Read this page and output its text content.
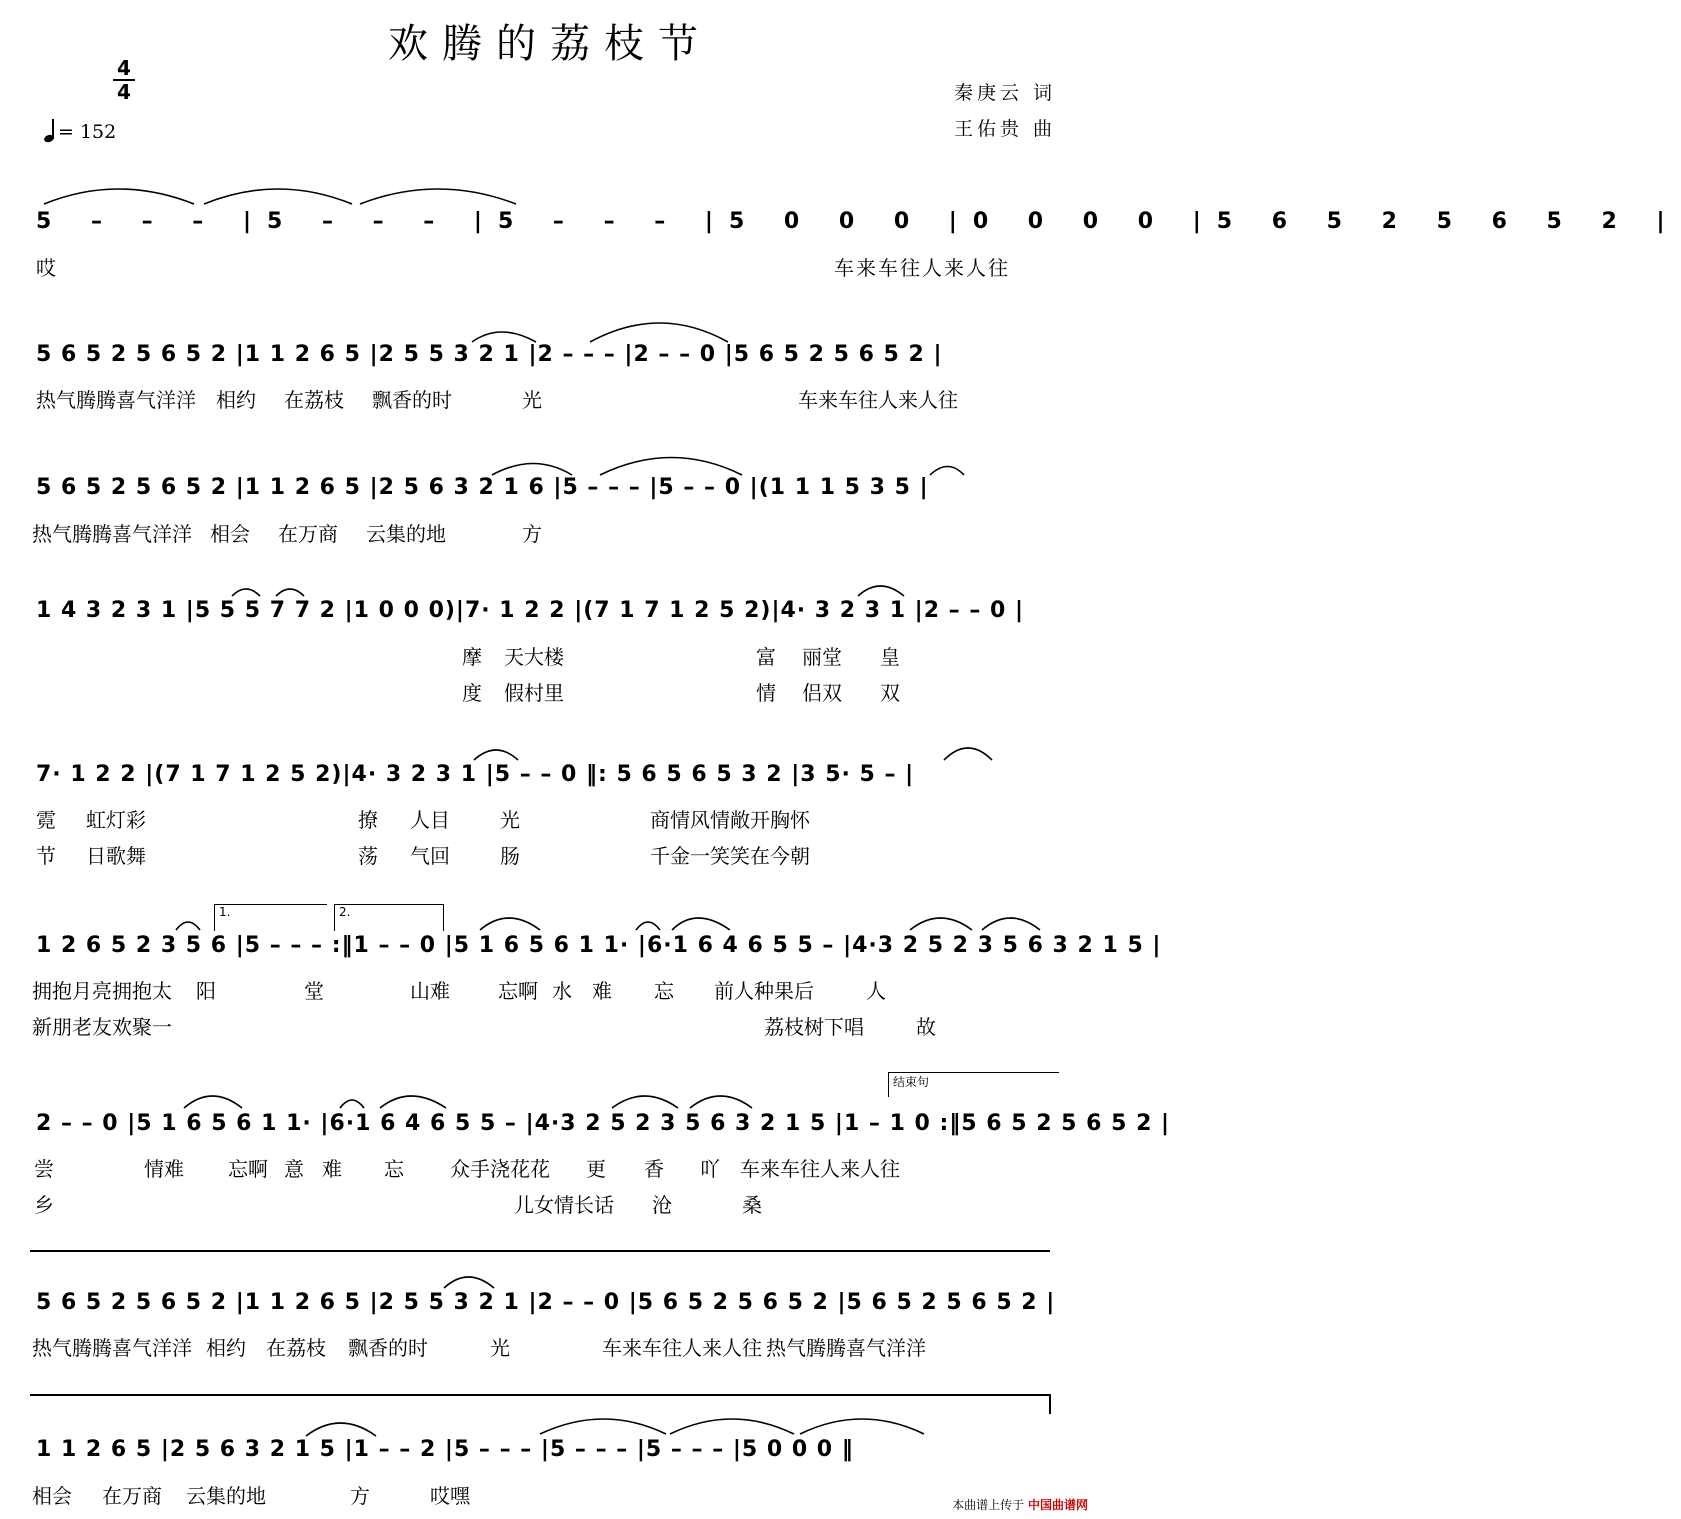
欢腾的荔枝节
4
4
= 152
秦庚云 词
王佑贵 曲
5 – – – |5 – – – |5 – – – |5 0 0 0 |0 0 0 0 |5 6 5 2 5 6 5 2 |
哎	车来车往人来人往
5 6 5 2 5 6 5 2 |1 1 2 6 5 |2 5 5 3 2 1 |2 – – – |2 – – 0 |5 6 5 2 5 6 5 2 |
热气腾腾喜气洋洋 相约 在荔枝 飘香的时	光	车来车往人来人往
5 6 5 2 5 6 5 2 |1 1 2 6 5 |2 5 6 3 2 1 6 |5 – – – |5 – – 0 |(1 1 1 5 3 5 |
热气腾腾喜气洋洋 相会 在万商 云集的地	方
1 4 3 2 3 1 |5 5 5 7 7 2 |1 0 0 0)|7· 1 2 2 |(7 1 7 1 2 5 2)|4· 3 2 3 1 |2 – – 0 |
摩 天大楼	富 丽堂 皇
度 假村里	情 侣双 双
7· 1 2 2 |(7 1 7 1 2 5 2)|4· 3 2 3 1 |5 – – 0 ‖: 5 6 5 6 5 3 2 |3 5· 5 – |
霓 虹灯彩	撩 人目	光	商情风情敞开胸怀
节 日歌舞	荡 气回	肠	千金一笑笑在今朝
1.	2.
1 2 6 5 2 3 5 6 |5 – – – :‖1 – – 0 |5 1 6 5 6 1 1· |6·1 6 4 6 5 5 – |4·3 2 5 2 3 5 6 3 2 1 5 |
拥抱月亮拥抱太 阳	堂	山难 忘啊 水 难 忘 前人种果后	人
新朋老友欢聚一	荔枝树下唱	故
结束句
2 – – 0 |5 1 6 5 6 1 1· |6·1 6 4 6 5 5 – |4·3 2 5 2 3 5 6 3 2 1 5 |1 – 1 0 :‖5 6 5 2 5 6 5 2 |
尝	情难 忘啊 意 难 忘 众手浇花花 更 香 吖 车来车往人来人往
乡	儿女情长话 沧	桑
5 6 5 2 5 6 5 2 |1 1 2 6 5 |2 5 5 3 2 1 |2 – – 0 |5 6 5 2 5 6 5 2 |5 6 5 2 5 6 5 2 |
热气腾腾喜气洋洋 相约 在荔枝 飘香的时	光	车来车往人来人往 热气腾腾喜气洋洋
1 1 2 6 5 |2 5 6 3 2 1 5 |1 – – 2 |5 – – – |5 – – – |5 – – – |5 0 0 0 ‖
相会 在万商 云集的地	方	哎嘿	本曲谱上传于 中国曲谱网
